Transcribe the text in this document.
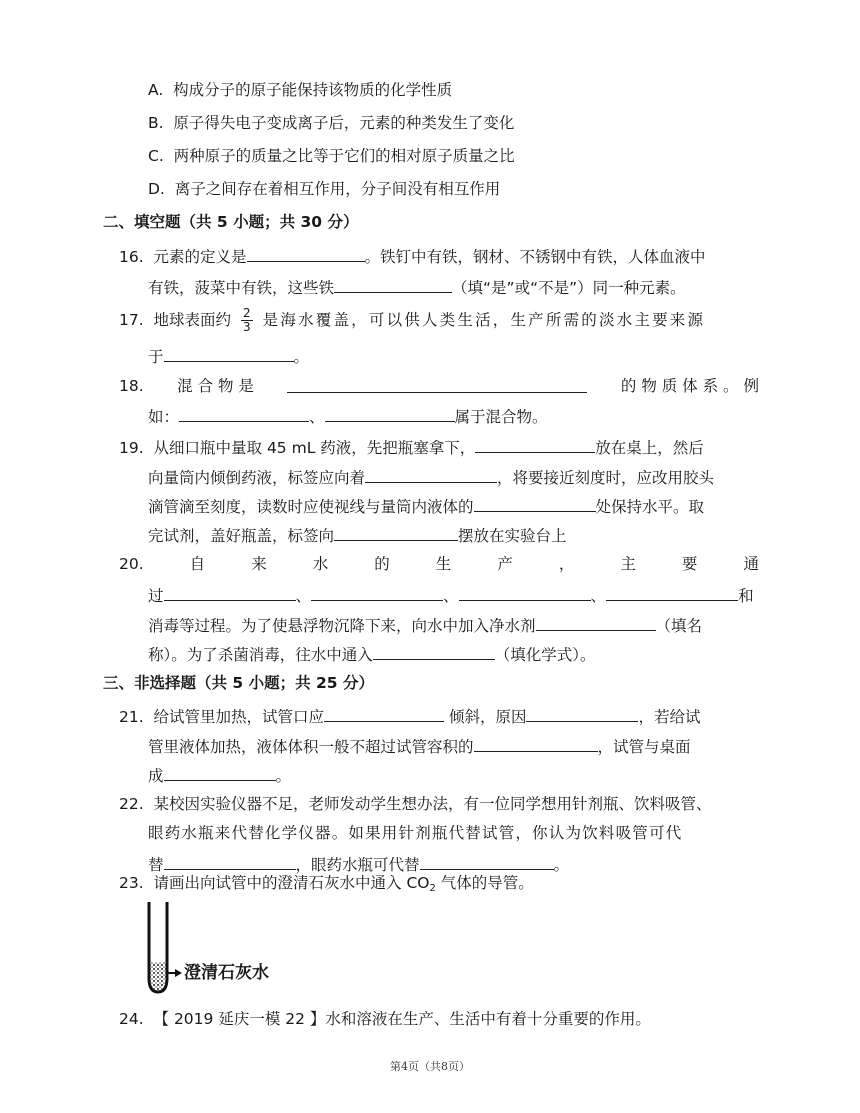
A. 构成分子的原子能保持该物质的化学性质
B. 原子得失电子变成离子后，元素的种类发生了变化
C. 两种原子的质量之比等于它们的相对原子质量之比
D. 离子之间存在着相互作用，分子间没有相互作用
二、填空题（共 5 小题；共 30 分）
16. 元素的定义是	。铁钉中有铁，钢材、不锈钢中有铁，人体血液中
有铁，菠菜中有铁，这些铁	（填“是”或“不是”）同一种元素。
17. 地球表面约 $\frac{2}{3}$ 是海水覆盖，可以供人类生活，生产所需的淡水主要来源
于	。
18. 混 合 物 是	的 物 质 体 系 。 例
如：	、	属于混合物。
19. 从细口瓶中量取 45 mL 药液，先把瓶塞拿下，	放在桌上，然后
向量筒内倾倒药液，标签应向着	，将要接近刻度时，应改用胶头
滴管滴至刻度，读数时应使视线与量筒内液体的	处保持水平。取
完试剂，盖好瓶盖，标签向	摆放在实验台上
20.	自	来	水	的	生	产	，	主	要	通
过	、	、	、	和
消毒等过程。为了使悬浮物沉降下来，向水中加入净水剂	（填名
称）。为了杀菌消毒，往水中通入	（填化学式）。
三、非选择题（共 5 小题；共 25 分）
21. 给试管里加热，试管口应	倾斜，原因	，若给试
管里液体加热，液体体积一般不超过试管容积的	，试管与桌面
成	。
22. 某校因实验仪器不足，老师发动学生想办法，有一位同学想用针剂瓶、饮料吸管、
眼药水瓶来代替化学仪器。如果用针剂瓶代替试管，你认为饮料吸管可代
替	，眼药水瓶可代替	。
23. 请画出向试管中的澄清石灰水中通入 $CO_2$ 气体的导管。
澄清石灰水
24. 【 2019 延庆一模 22 】水和溶液在生产、生活中有着十分重要的作用。
第4页（共8页）
